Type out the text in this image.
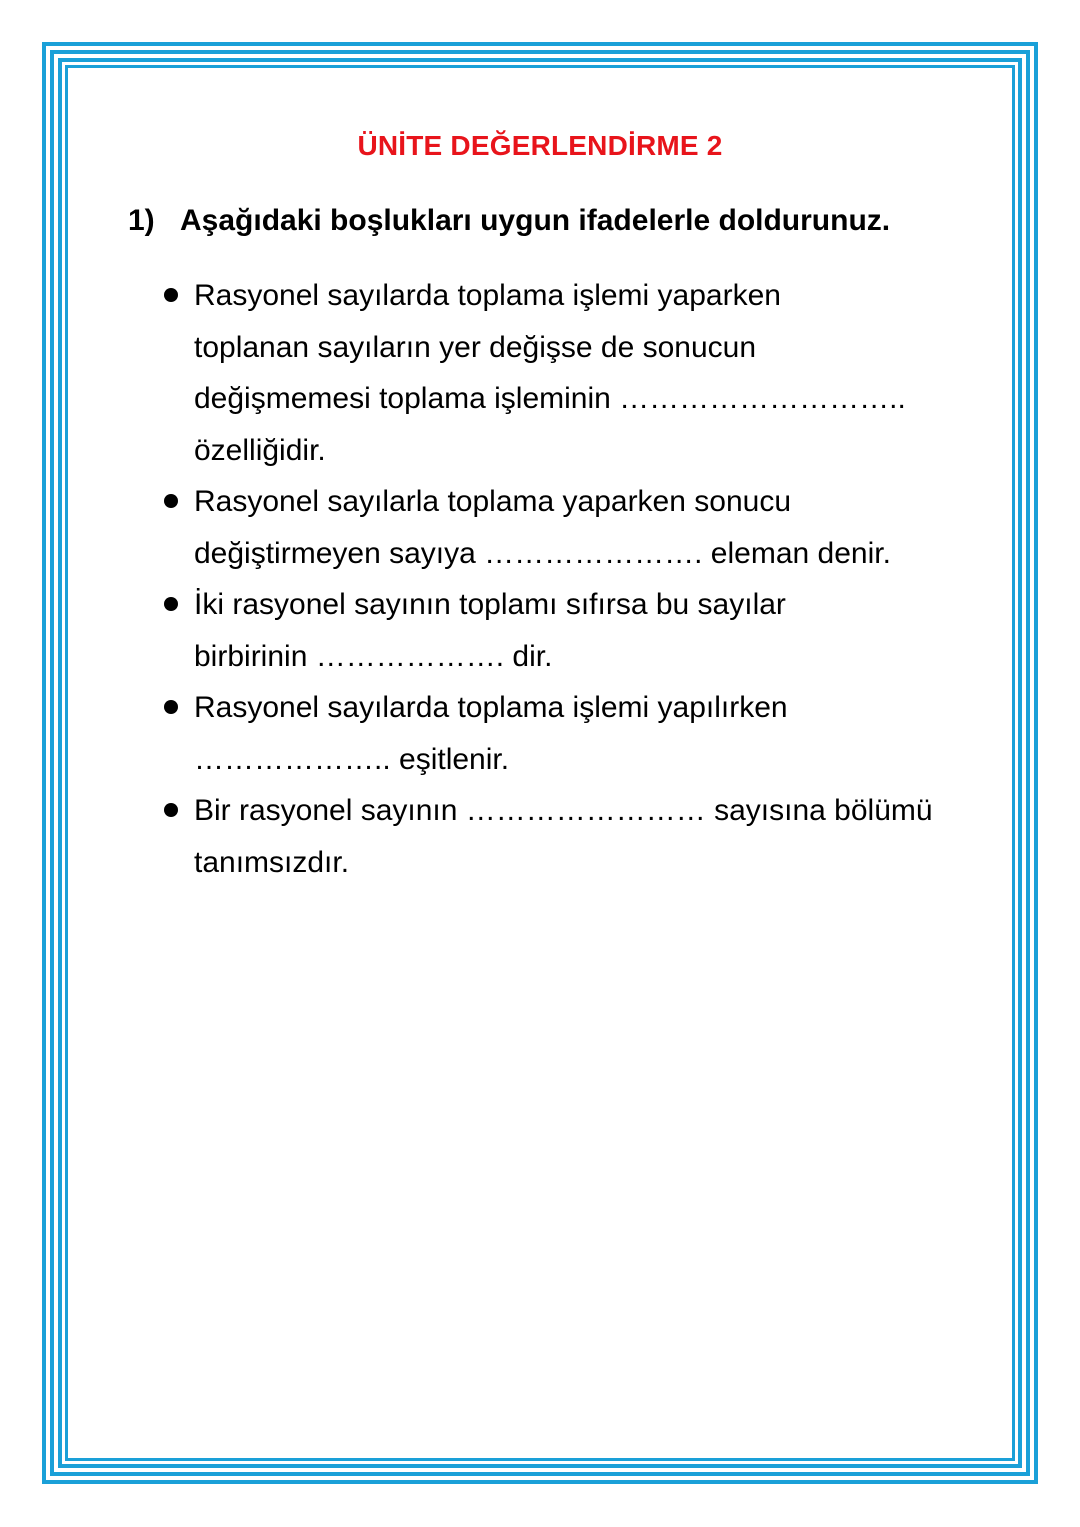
ÜNİTE DEĞERLENDİRME 2
1) Aşağıdaki boşlukları uygun ifadelerle doldurunuz.
Rasyonel sayılarda toplama işlemi yaparken
toplanan sayıların yer değişse de sonucun
değişmemesi toplama işleminin ………………………..
özelliğidir.
Rasyonel sayılarla toplama yaparken sonucu
değiştirmeyen sayıya …………………. eleman denir.
İki rasyonel sayının toplamı sıfırsa bu sayılar
birbirinin ………………. dir.
Rasyonel sayılarda toplama işlemi yapılırken
……………….. eşitlenir.
Bir rasyonel sayının …………………… sayısına bölümü
tanımsızdır.
